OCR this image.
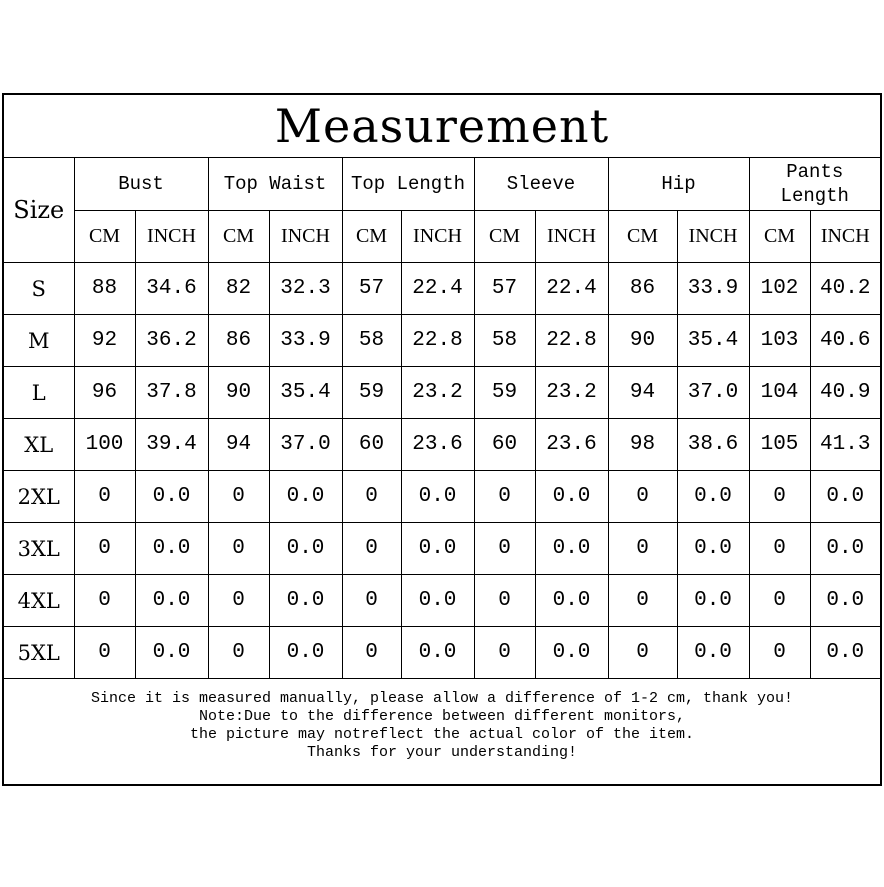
Measurement												
Size	Bust		Top Waist		Top Length		Sleeve		Hip		Pants
Length	

	CM	INCH	CM	INCH	CM	INCH	CM	INCH	CM	INCH	CM	INCH
S	88	34.6	82	32.3	57	22.4	57	22.4	86	33.9	102	40.2
M	92	36.2	86	33.9	58	22.8	58	22.8	90	35.4	103	40.6
L	96	37.8	90	35.4	59	23.2	59	23.2	94	37.0	104	40.9
XL	100	39.4	94	37.0	60	23.6	60	23.6	98	38.6	105	41.3
2XL	0	0.0	0	0.0	0	0.0	0	0.0	0	0.0	0	0.0
3XL	0	0.0	0	0.0	0	0.0	0	0.0	0	0.0	0	0.0
4XL	0	0.0	0	0.0	0	0.0	0	0.0	0	0.0	0	0.0
5XL	0	0.0	0	0.0	0	0.0	0	0.0	0	0.0	0	0.0

Since it is measured manually, please allow a difference of 1-2 cm, thank you!
Note:Due to the difference between different monitors,
the picture may notreflect the actual color of the item.
Thanks for your understanding!												
